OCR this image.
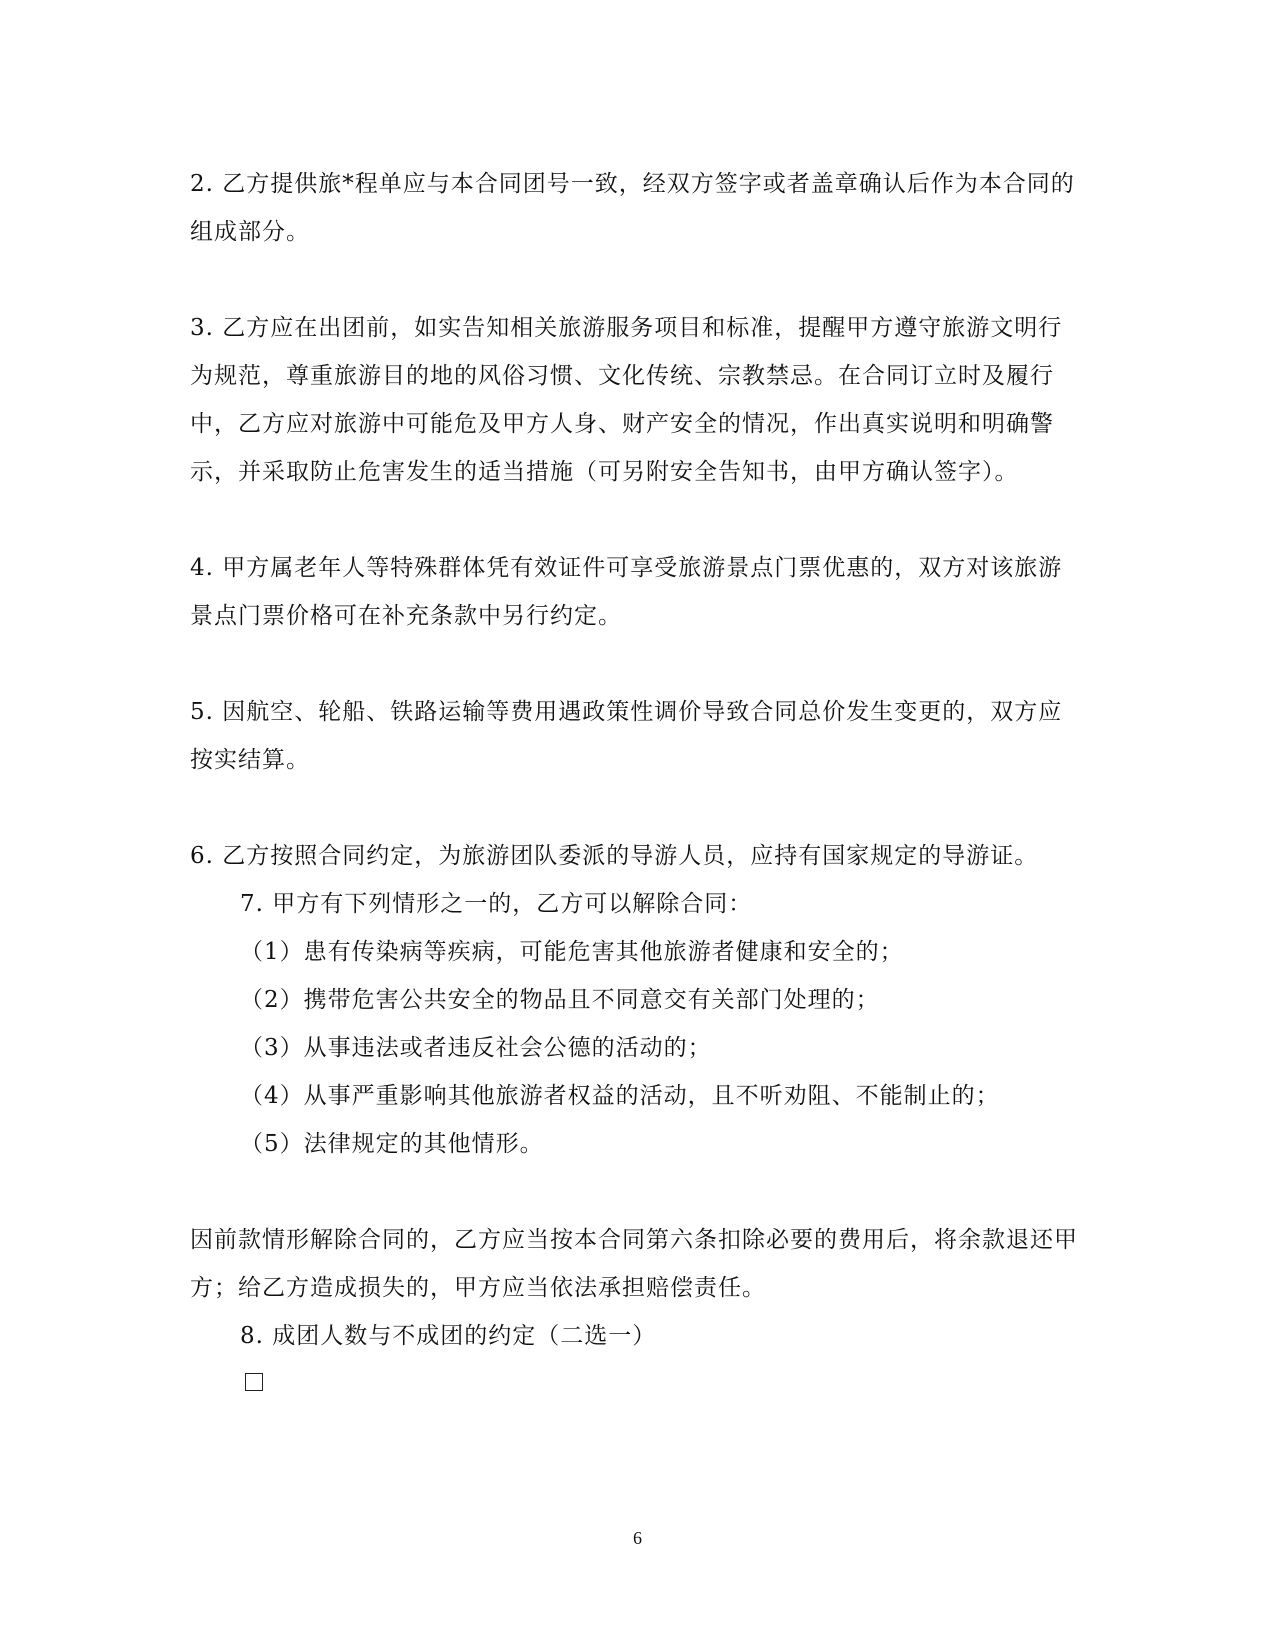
2. 乙方提供旅*程单应与本合同团号一致，经双方签字或者盖章确认后作为本合同的组成部分。

3. 乙方应在出团前，如实告知相关旅游服务项目和标准，提醒甲方遵守旅游文明行为规范，尊重旅游目的地的风俗习惯、文化传统、宗教禁忌。在合同订立时及履行中，乙方应对旅游中可能危及甲方人身、财产安全的情况，作出真实说明和明确警示，并采取防止危害发生的适当措施（可另附安全告知书，由甲方确认签字）。

4. 甲方属老年人等特殊群体凭有效证件可享受旅游景点门票优惠的，双方对该旅游景点门票价格可在补充条款中另行约定。

5. 因航空、轮船、铁路运输等费用遇政策性调价导致合同总价发生变更的，双方应按实结算。

6. 乙方按照合同约定，为旅游团队委派的导游人员，应持有国家规定的导游证。

7. 甲方有下列情形之一的，乙方可以解除合同：

（1）患有传染病等疾病，可能危害其他旅游者健康和安全的；

（2）携带危害公共安全的物品且不同意交有关部门处理的；

（3）从事违法或者违反社会公德的活动的；

（4）从事严重影响其他旅游者权益的活动，且不听劝阻、不能制止的；

（5）法律规定的其他情形。

因前款情形解除合同的，乙方应当按本合同第六条扣除必要的费用后，将余款退还甲方；给乙方造成损失的，甲方应当依法承担赔偿责任。

8. 成团人数与不成团的约定（二选一）

6
